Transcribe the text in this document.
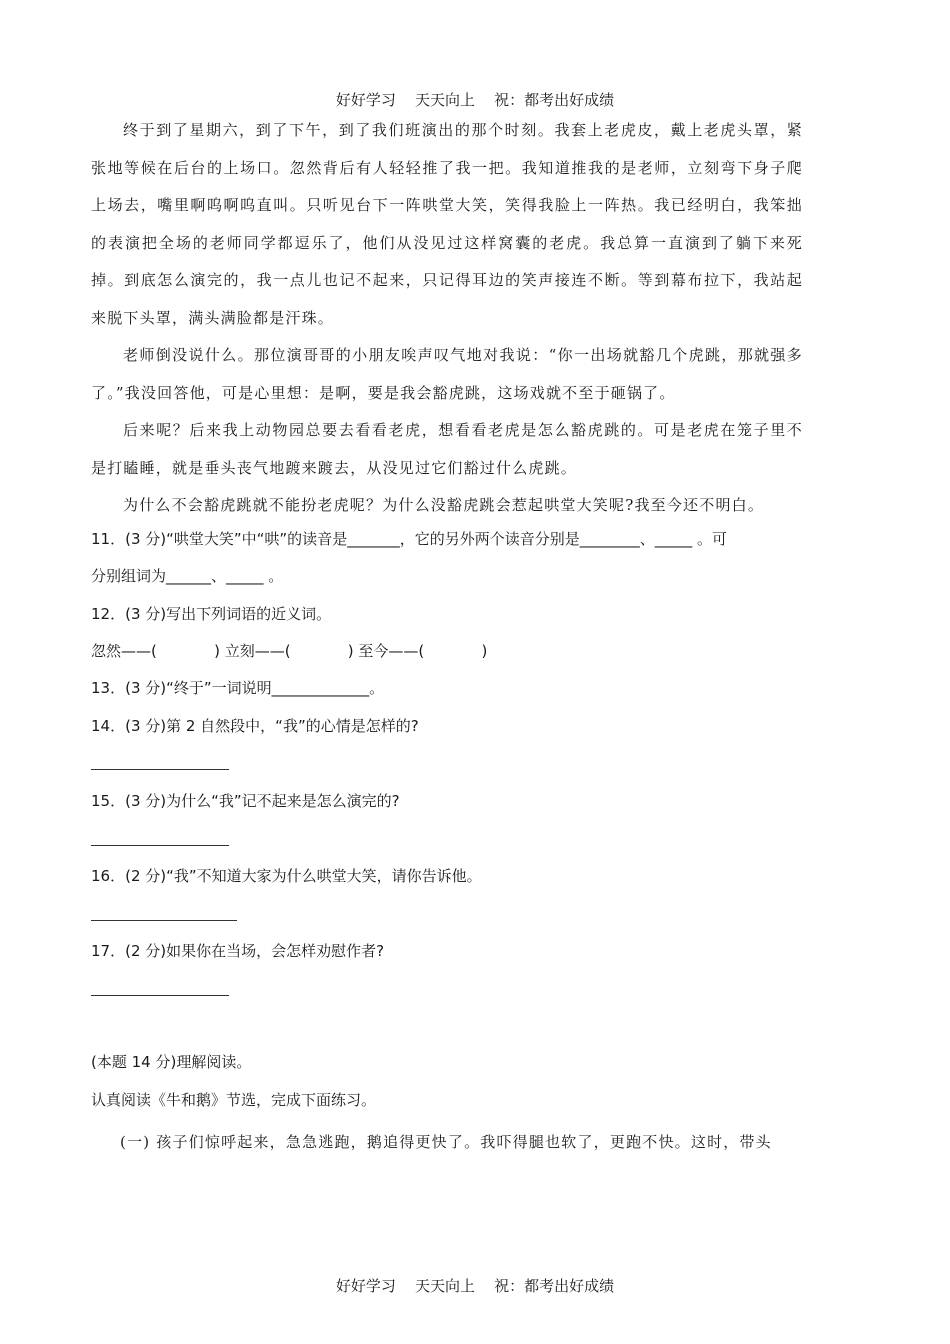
好好学习    天天向上    祝：都考出好成绩

终于到了星期六，到了下午，到了我们班演出的那个时刻。我套上老虎皮，戴上老虎头罩，紧张地等候在后台的上场口。忽然背后有人轻轻推了我一把。我知道推我的是老师，立刻弯下身子爬上场去，嘴里啊呜啊呜直叫。只听见台下一阵哄堂大笑，笑得我脸上一阵热。我已经明白，我笨拙的表演把全场的老师同学都逗乐了，他们从没见过这样窝囊的老虎。我总算一直演到了躺下来死掉。到底怎么演完的，我一点儿也记不起来，只记得耳边的笑声接连不断。等到幕布拉下，我站起来脱下头罩，满头满脸都是汗珠。

老师倒没说什么。那位演哥哥的小朋友唉声叹气地对我说：“你一出场就豁几个虎跳，那就强多了。”我没回答他，可是心里想：是啊，要是我会豁虎跳，这场戏就不至于砸锅了。

后来呢？后来我上动物园总要去看看老虎，想看看老虎是怎么豁虎跳的。可是老虎在笼子里不是打瞌睡，就是垂头丧气地踱来踱去，从没见过它们豁过什么虎跳。

为什么不会豁虎跳就不能扮老虎呢？为什么没豁虎跳会惹起哄堂大笑呢?我至今还不明白。

11．(3 分)“哄堂大笑”中“哄”的读音是_______，它的另外两个读音分别是________、_____ 。可
分别组词为______、_____ 。
12．(3 分)写出下列词语的近义词。
忽然——(            ) 立刻——(            ) 至今——(            )
13．(3 分)“终于”一词说明_____________。
14．(3 分)第 2 自然段中，“我”的心情是怎样的?
15．(3 分)为什么“我”记不起来是怎么演完的?
16．(2 分)“我”不知道大家为什么哄堂大笑，请你告诉他。
17．(2 分)如果你在当场，会怎样劝慰作者?
(本题 14 分)理解阅读。
认真阅读《牛和鹅》节选，完成下面练习。
(一) 孩子们惊呼起来，急急逃跑，鹅追得更快了。我吓得腿也软了，更跑不快。这时，带头
好好学习    天天向上    祝：都考出好成绩
